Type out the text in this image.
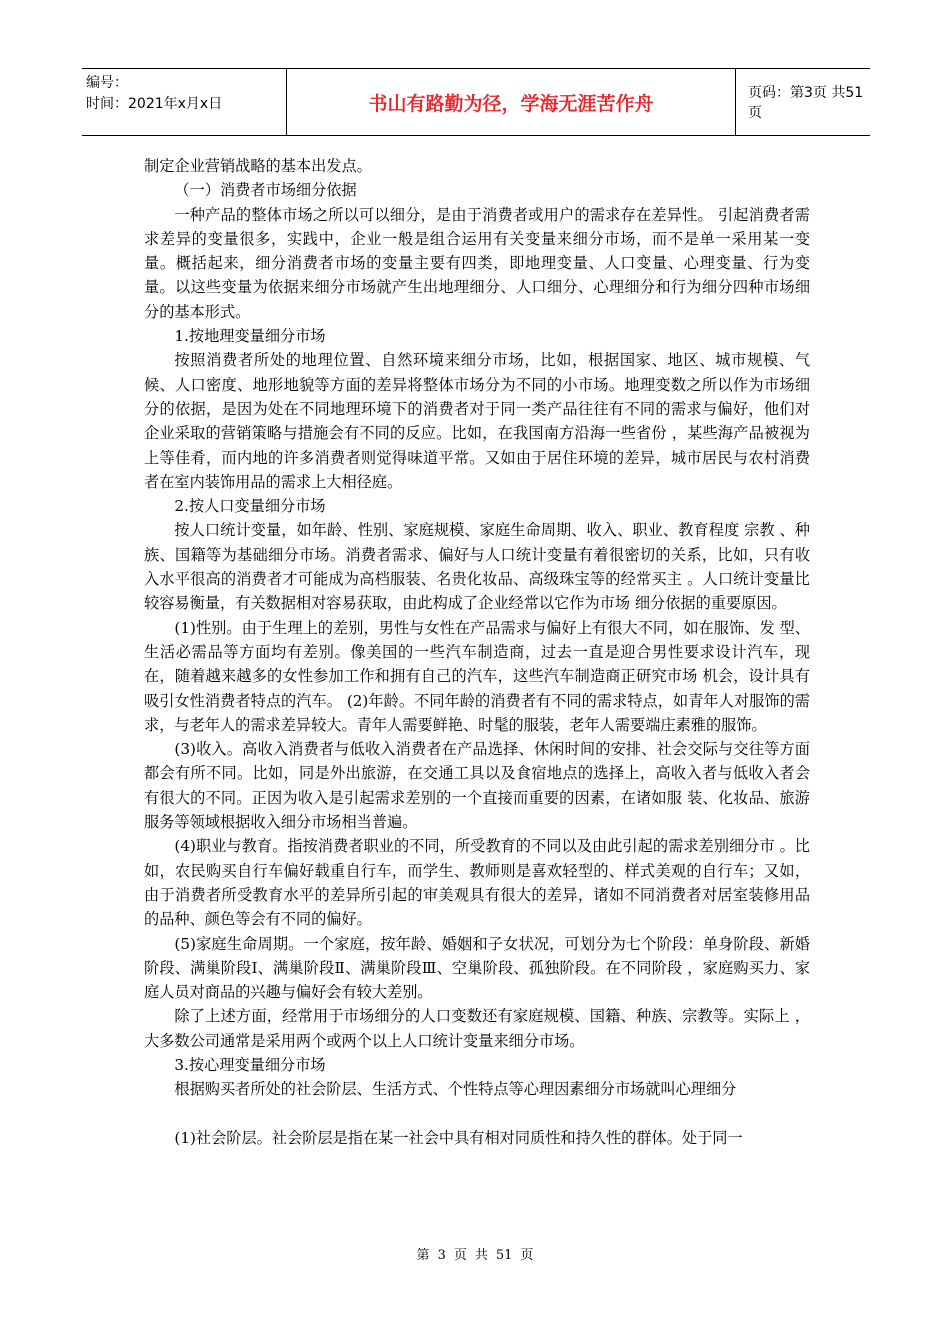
编号：
时间：2021年x月x日	书山有路勤为径，学海无涯苦作舟	页码：第3页 共51页

制定企业营销战略的基本出发点。

（一）消费者市场细分依据

一种产品的整体市场之所以可以细分，是由于消费者或用户的需求存在差异性。 引起消费者需求差异的变量很多，实践中，企业一般是组合运用有关变量来细分市场，而不是单一采用某一变量。概括起来，细分消费者市场的变量主要有四类，即地理变量、人口变量、心理变量、行为变量。以这些变量为依据来细分市场就产生出地理细分、人口细分、心理细分和行为细分四种市场细分的基本形式。

1.按地理变量细分市场

按照消费者所处的地理位置、自然环境来细分市场，比如，根据国家、地区、城市规模、气候、人口密度、地形地貌等方面的差异将整体市场分为不同的小市场。地理变数之所以作为市场细分的依据，是因为处在不同地理环境下的消费者对于同一类产品往往有不同的需求与偏好，他们对企业采取的营销策略与措施会有不同的反应。比如，在我国南方沿海一些省份 ，某些海产品被视为上等佳肴，而内地的许多消费者则觉得味道平常。又如由于居住环境的差异，城市居民与农村消费者在室内装饰用品的需求上大相径庭。

2.按人口变量细分市场

按人口统计变量，如年龄、性别、家庭规模、家庭生命周期、收入、职业、教育程度 宗教 、种族、国籍等为基础细分市场。消费者需求、偏好与人口统计变量有着很密切的关系，比如，只有收入水平很高的消费者才可能成为高档服装、名贵化妆品、高级珠宝等的经常买主 。人口统计变量比较容易衡量，有关数据相对容易获取，由此构成了企业经常以它作为市场 细分依据的重要原因。

(1)性别。由于生理上的差别，男性与女性在产品需求与偏好上有很大不同，如在服饰、发 型、生活必需品等方面均有差别。像美国的一些汽车制造商，过去一直是迎合男性要求设计汽车，现在，随着越来越多的女性参加工作和拥有自己的汽车，这些汽车制造商正研究市场 机会，设计具有吸引女性消费者特点的汽车。 (2)年龄。不同年龄的消费者有不同的需求特点，如青年人对服饰的需求，与老年人的需求差异较大。青年人需要鲜艳、时髦的服装，老年人需要端庄素雅的服饰。

(3)收入。高收入消费者与低收入消费者在产品选择、休闲时间的安排、社会交际与交往等方面都会有所不同。比如，同是外出旅游，在交通工具以及食宿地点的选择上，高收入者与低收入者会有很大的不同。正因为收入是引起需求差别的一个直接而重要的因素，在诸如服 装、化妆品、旅游服务等领域根据收入细分市场相当普遍。

(4)职业与教育。指按消费者职业的不同，所受教育的不同以及由此引起的需求差别细分市 。比如，农民购买自行车偏好载重自行车，而学生、教师则是喜欢轻型的、样式美观的自行车；又如，由于消费者所受教育水平的差异所引起的审美观具有很大的差异，诸如不同消费者对居室装修用品的品种、颜色等会有不同的偏好。

(5)家庭生命周期。一个家庭，按年龄、婚姻和子女状况，可划分为七个阶段：单身阶段、新婚阶段、满巢阶段Ⅰ、满巢阶段Ⅱ、满巢阶段Ⅲ、空巢阶段、孤独阶段。在不同阶段 ，家庭购买力、家庭人员对商品的兴趣与偏好会有较大差别。

除了上述方面，经常用于市场细分的人口变数还有家庭规模、国籍、种族、宗教等。实际上 ，大多数公司通常是采用两个或两个以上人口统计变量来细分市场。

3.按心理变量细分市场

根据购买者所处的社会阶层、生活方式、个性特点等心理因素细分市场就叫心理细分

(1)社会阶层。社会阶层是指在某一社会中具有相对同质性和持久性的群体。处于同一

第 3 页 共 51 页
